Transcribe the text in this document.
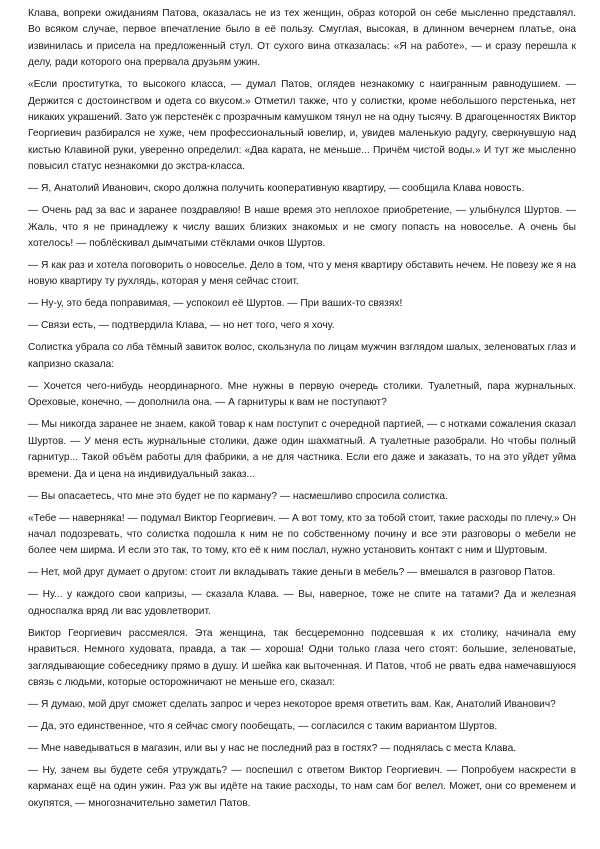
Клава, вопреки ожиданиям Патова, оказалась не из тех женщин, образ которой он себе мысленно представлял. Во всяком случае, первое впечатление было в её пользу. Смуглая, высокая, в длинном вечернем платье, она извинилась и присела на предложенный стул. От сухого вина отказалась: «Я на работе», — и сразу перешла к делу, ради которого она прервала друзьям ужин.

«Если проститутка, то высокого класса, — думал Патов, оглядев незнакомку с наигранным равнодушием. — Держится с достоинством и одета со вкусом.» Отметил также, что у солистки, кроме небольшого перстенька, нет никаких украшений. Зато уж перстенёк с прозрачным камушком тянул не на одну тысячу. В драгоценностях Виктор Георгиевич разбирался не хуже, чем профессиональный ювелир, и, увидев маленькую радугу, сверкнувшую над кистью Клавиной руки, уверенно определил: «Два карата, не меньше... Причём чистой воды.» И тут же мысленно повысил статус незнакомки до экстра-класса.

— Я, Анатолий Иванович, скоро должна получить кооперативную квартиру, — сообщила Клава новость.

— Очень рад за вас и заранее поздравляю! В наше время это неплохое приобретение, — улыбнулся Шуртов. — Жаль, что я не принадлежу к числу ваших близких знакомых и не смогу попасть на новоселье. А очень бы хотелось! — поблёскивал дымчатыми стёклами очков Шуртов.

— Я как раз и хотела поговорить о новоселье. Дело в том, что у меня квартиру обставить нечем. Не повезу же я на новую квартиру ту рухлядь, которая у меня сейчас стоит.

— Ну-у, это беда поправимая, — успокоил её Шуртов. — При ваших-то связях!

— Связи есть, — подтвердила Клава, — но нет того, чего я хочу.

Солистка убрала со лба тёмный завиток волос, скользнула по лицам мужчин взглядом шалых, зеленоватых глаз и капризно сказала:

— Хочется чего-нибудь неординарного. Мне нужны в первую очередь столики. Туалетный, пара журнальных. Ореховые, конечно, — дополнила она. — А гарнитуры к вам не поступают?

— Мы никогда заранее не знаем, какой товар к нам поступит с очередной партией, — с нотками сожаления сказал Шуртов. — У меня есть журнальные столики, даже один шахматный. А туалетные разобрали. Но чтобы полный гарнитур... Такой объём работы для фабрики, а не для частника. Если его даже и заказать, то на это уйдет уйма времени. Да и цена на индивидуальный заказ...

— Вы опасаетесь, что мне это будет не по карману? — насмешливо спросила солистка.

«Тебе — наверняка! — подумал Виктор Георгиевич. — А вот тому, кто за тобой стоит, такие расходы по плечу.» Он начал подозревать, что солистка подошла к ним не по собственному почину и все эти разговоры о мебели не более чем ширма. И если это так, то тому, кто её к ним послал, нужно установить контакт с ним и Шуртовым.

— Нет, мой друг думает о другом: стоит ли вкладывать такие деньги в мебель? — вмешался в разговор Патов.

— Ну... у каждого свои капризы, — сказала Клава. — Вы, наверное, тоже не спите на татами? Да и железная односпалка вряд ли вас удовлетворит.

Виктор Георгиевич рассмеялся. Эта женщина, так бесцеремонно подсевшая к их столику, начинала ему нравиться. Немного худовата, правда, а так — хороша! Одни только глаза чего стоят: большие, зеленоватые, заглядывающие собеседнику прямо в душу. И шейка как выточенная. И Патов, чтоб не рвать едва намечавшуюся связь с людьми, которые осторожничают не меньше его, сказал:

— Я думаю, мой друг сможет сделать запрос и через некоторое время ответить вам. Как, Анатолий Иванович?

— Да, это единственное, что я сейчас смогу пообещать, — согласился с таким вариантом Шуртов.

— Мне наведываться в магазин, или вы у нас не последний раз в гостях? — поднялась с места Клава.

— Ну, зачем вы будете себя утруждать? — поспешил с ответом Виктор Георгиевич. — Попробуем наскрести в карманах ещё на один ужин. Раз уж вы идёте на такие расходы, то нам сам бог велел. Может, они со временем и окупятся, — многозначительно заметил Патов.
